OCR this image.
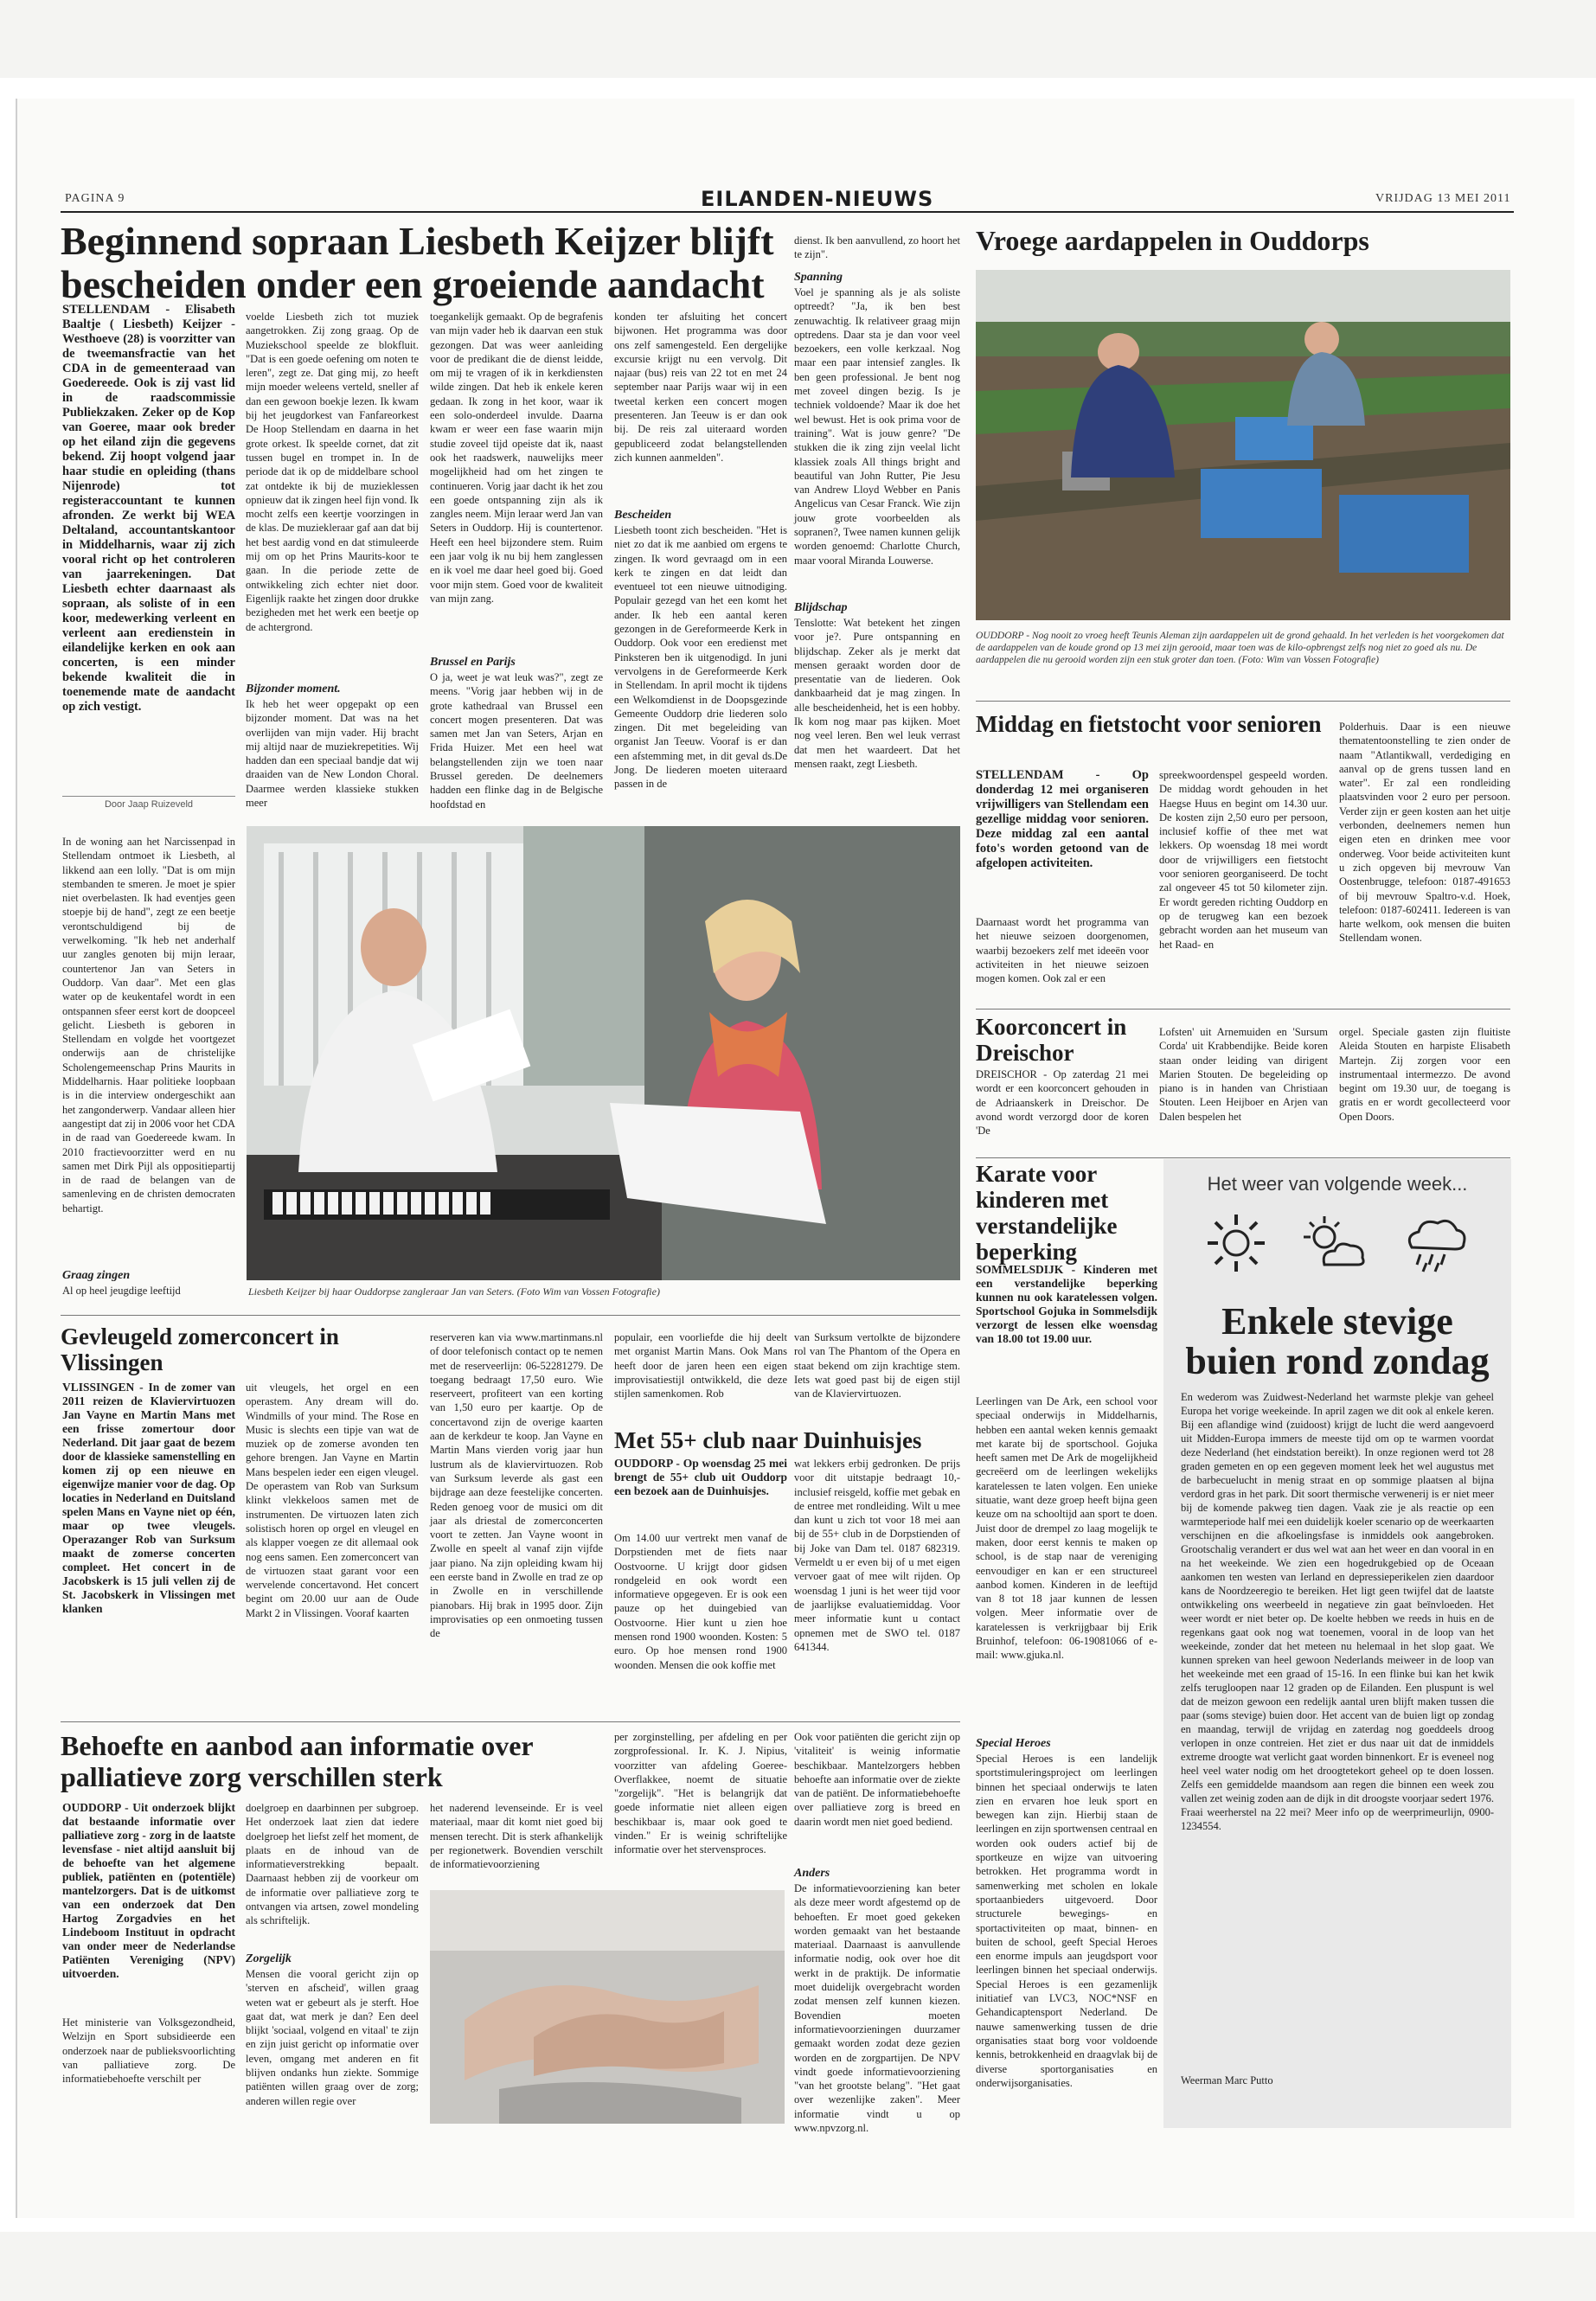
PAGINA 9	EILANDEN-NIEUWS	VRIJDAG 13 MEI 2011
Beginnend sopraan Liesbeth Keijzer blijft bescheiden onder een groeiende aandacht
STELLENDAM - Elisabeth Baaltje ( Liesbeth) Keijzer - Westhoeve (28) is voorzitter van de tweemansfractie van het CDA in de gemeenteraad van Goedereede. Ook is zij vast lid in de raadscommissie Publiekzaken. Zeker op de Kop van Goeree, maar ook breder op het eiland zijn die gegevens bekend. Zij hoopt volgend jaar haar studie en opleiding (thans Nijenrode) tot registeraccountant te kunnen afronden. Ze werkt bij WEA Deltaland, accountantskantoor in Middelharnis, waar zij zich vooral richt op het controleren van jaarrekeningen. Dat Liesbeth echter daarnaast als sopraan, als soliste of in een koor, medewerking verleent en verleent aan eredienstein in eilandelijke kerken en ook aan concerten, is een minder bekende kwaliteit die in toenemende mate de aandacht op zich vestigt.
Door Jaap Ruizeveld
In de woning aan het Narcissenpad in Stellendam ontmoet ik Liesbeth, al likkend aan een lolly. "Dat is om mijn stembanden te smeren. Je moet je spier niet overbelasten. Ik had eventjes geen stoepje bij de hand", zegt ze een beetje verontschuldigend bij de verwelkoming. "Ik heb net anderhalf uur zangles genoten bij mijn leraar, countertenor Jan van Seters in Ouddorp. Van daar". Met een glas water op de keukentafel wordt in een ontspannen sfeer eerst kort de doopceel gelicht. Liesbeth is geboren in Stellendam en volgde het voortgezet onderwijs aan de christelijke Scholengemeenschap Prins Maurits in Middelharnis. Haar politieke loopbaan is in die interview ondergeschikt aan het zangonderwerp. Vandaar alleen hier aangestipt dat zij in 2006 voor het CDA in de raad van Goedereede kwam. In 2010 fractievoorzitter werd en nu samen met Dirk Pijl als oppositiepartij in de raad de belangen van de samenleving en de christen democraten behartigt.
Graag zingen
Al op heel jeugdige leeftijd
voelde Liesbeth zich tot muziek aangetrokken. Zij zong graag. Op de Muziekschool speelde ze blokfluit. "Dat is een goede oefening om noten te leren", zegt ze. Dat ging mij, zo heeft mijn moeder weleens verteld, sneller af dan een gewoon boekje lezen. Ik kwam bij het jeugdorkest van Fanfareorkest De Hoop Stellendam en daarna in het grote orkest. Ik speelde cornet, dat zit tussen bugel en trompet in. In de periode dat ik op de middelbare school zat ontdekte ik bij de muzieklessen opnieuw dat ik zingen heel fijn vond. Ik mocht zelfs een keertje voorzingen in de klas. De muziekleraar gaf aan dat bij het best aardig vond en dat stimuleerde mij om op het Prins Maurits-koor te gaan. In die periode zette de ontwikkeling zich echter niet door. Eigenlijk raakte het zingen door drukke bezigheden met het werk een beetje op de achtergrond.
Bijzonder moment.
Ik heb het weer opgepakt op een bijzonder moment. Dat was na het overlijden van mijn vader. Hij bracht mij altijd naar de muziekrepetities. Wij hadden dan een speciaal bandje dat wij draaiden van de New London Choral. Daarmee werden klassieke stukken meer
toegankelijk gemaakt. Op de begrafenis van mijn vader heb ik daarvan een stuk gezongen. Dat was weer aanleiding voor de predikant die de dienst leidde, om mij te vragen of ik in kerkdiensten wilde zingen. Dat heb ik enkele keren gedaan. Ik zong in het koor, waar ik een solo-onderdeel invulde. Daarna kwam er weer een fase waarin mijn studie zoveel tijd opeiste dat ik, naast ook het raadswerk, nauwelijks meer mogelijkheid had om het zingen te continueren. Vorig jaar dacht ik het zou een goede ontspanning zijn als ik zangles neem. Mijn leraar werd Jan van Seters in Ouddorp. Hij is countertenor. Heeft een heel bijzondere stem. Ruim een jaar volg ik nu bij hem zanglessen en ik voel me daar heel goed bij. Goed voor mijn stem. Goed voor de kwaliteit van mijn zang.
Brussel en Parijs
O ja, weet je wat leuk was?", zegt ze meens. "Vorig jaar hebben wij in de grote kathedraal van Brussel een concert mogen presenteren. Dat was samen met Jan van Seters, Arjan en Frida Huizer. Met een heel wat belangstellenden zijn we toen naar Brussel gereden. De deelnemers hadden een flinke dag in de Belgische hoofdstad en
konden ter afsluiting het concert bijwonen. Het programma was door ons zelf samengesteld. Een dergelijke excursie krijgt nu een vervolg. Dit najaar (bus) reis van 22 tot en met 24 september naar Parijs waar wij in een tweetal kerken een concert mogen presenteren. Jan Teeuw is er dan ook bij. De reis zal uiteraard worden gepubliceerd zodat belangstellenden zich kunnen aanmelden".
Bescheiden
Liesbeth toont zich bescheiden. "Het is niet zo dat ik me aanbied om ergens te zingen. Ik word gevraagd om in een kerk te zingen en dat leidt dan eventueel tot een nieuwe uitnodiging. Populair gezegd van het een komt het ander. Ik heb een aantal keren gezongen in de Gereformeerde Kerk in Ouddorp. Ook voor een eredienst met Pinksteren ben ik uitgenodigd. In juni vervolgens in de Gereformeerde Kerk in Stellendam. In april mocht ik tijdens een Welkomdienst in de Doopsgezinde Gemeente Ouddorp drie liederen solo zingen. Dit met begeleiding van organist Jan Teeuw. Vooraf is er dan een afstemming met, in dit geval ds.De Jong. De liederen moeten uiteraard passen in de
dienst. Ik ben aanvullend, zo hoort het te zijn".
Spanning
Voel je spanning als je als soliste optreedt? "Ja, ik ben best zenuwachtig. Ik relativeer graag mijn optredens. Daar sta je dan voor veel bezoekers, een volle kerkzaal. Nog maar een paar intensief zangles. Ik ben geen professional. Je bent nog met zoveel dingen bezig. Is je techniek voldoende? Maar ik doe het wel bewust. Het is ook prima voor de training". Wat is jouw genre? "De stukken die ik zing zijn veelal licht klassiek zoals All things bright and beautiful van John Rutter, Pie Jesu van Andrew Lloyd Webber en Panis Angelicus van Cesar Franck. Wie zijn jouw grote voorbeelden als sopranen?, Twee namen kunnen gelijk worden genoemd: Charlotte Church, maar vooral Miranda Louwerse.
Blijdschap
Tenslotte: Wat betekent het zingen voor je?. Pure ontspanning en blijdschap. Zeker als je merkt dat mensen geraakt worden door de presentatie van de liederen. Ook dankbaarheid dat je mag zingen. In alle bescheidenheid, het is een hobby. Ik kom nog maar pas kijken. Moet nog veel leren. Ben wel leuk verrast dat men het waardeert. Dat het mensen raakt, zegt Liesbeth.
Liesbeth Keijzer bij haar Ouddorpse zangleraar Jan van Seters. (Foto Wim van Vossen Fotografie)
Vroege aardappelen in Ouddorps
OUDDORP - Nog nooit zo vroeg heeft Teunis Aleman zijn aardappelen uit de grond gehaald. In het verleden is het voorgekomen dat de aardappelen van de koude grond op 13 mei zijn gerooid, maar toen was de kilo-opbrengst zelfs nog niet zo goed als nu. De aardappelen die nu gerooid worden zijn een stuk groter dan toen. (Foto: Wim van Vossen Fotografie)
Middag en fietstocht voor senioren
STELLENDAM - Op donderdag 12 mei organiseren vrijwilligers van Stellendam een gezellige middag voor senioren. Deze middag zal een aantal foto's worden getoond van de afgelopen activiteiten.
Daarnaast wordt het programma van het nieuwe seizoen doorgenomen, waarbij bezoekers zelf met ideeën voor activiteiten in het nieuwe seizoen mogen komen. Ook zal er een
spreekwoordenspel gespeeld worden. De middag wordt gehouden in het Haegse Huus en begint om 14.30 uur. De kosten zijn 2,50 euro per persoon, inclusief koffie of thee met wat lekkers. Op woensdag 18 mei wordt door de vrijwilligers een fietstocht voor senioren georganiseerd. De tocht zal ongeveer 45 tot 50 kilometer zijn. Er wordt gereden richting Ouddorp en op de terugweg kan een bezoek gebracht worden aan het museum van het Raad- en
Polderhuis. Daar is een nieuwe thematentoonstelling te zien onder de naam "Atlantikwall, verdediging en aanval op de grens tussen land en water". Er zal een rondleiding plaatsvinden voor 2 euro per persoon. Verder zijn er geen kosten aan het uitje verbonden, deelnemers nemen hun eigen eten en drinken mee voor onderweg. Voor beide activiteiten kunt u zich opgeven bij mevrouw Van Oostenbrugge, telefoon: 0187-491653 of bij mevrouw Spaltro-v.d. Hoek, telefoon: 0187-602411. Iedereen is van harte welkom, ook mensen die buiten Stellendam wonen.
Koorconcert in Dreischor
DREISCHOR - Op zaterdag 21 mei wordt er een koorconcert gehouden in de Adriaanskerk in Dreischor. De avond wordt verzorgd door de koren 'De
Lofsten' uit Arnemuiden en 'Sursum Corda' uit Krabbendijke. Beide koren staan onder leiding van dirigent Marien Stouten. De begeleiding op piano is in handen van Christiaan Stouten. Leen Heijboer en Arjen van Dalen bespelen het
orgel. Speciale gasten zijn fluitiste Aleida Stouten en harpiste Elisabeth Martejn. Zij zorgen voor een instrumentaal intermezzo. De avond begint om 19.30 uur, de toegang is gratis en er wordt gecollecteerd voor Open Doors.
Karate voor kinderen met verstandelijke beperking
SOMMELSDIJK - Kinderen met een verstandelijke beperking kunnen nu ook karatelessen volgen. Sportschool Gojuka in Sommelsdijk verzorgt de lessen elke woensdag van 18.00 tot 19.00 uur.
Leerlingen van De Ark, een school voor speciaal onderwijs in Middelharnis, hebben een aantal weken kennis gemaakt met karate bij de sportschool. Gojuka heeft samen met De Ark de mogelijkheid gecreëerd om de leerlingen wekelijks karatelessen te laten volgen. Een unieke situatie, want deze groep heeft bijna geen keuze om na schooltijd aan sport te doen. Juist door de drempel zo laag mogelijk te maken, door eerst kennis te maken op school, is de stap naar de vereniging eenvoudiger en kan er een structureel aanbod komen. Kinderen in de leeftijd van 8 tot 18 jaar kunnen de lessen volgen. Meer informatie over de karatelessen is verkrijgbaar bij Erik Bruinhof, telefoon: 06-19081066 of e-mail: www.gjuka.nl.
Special Heroes
Special Heroes is een landelijk sportstimuleringsproject om leerlingen binnen het speciaal onderwijs te laten zien en ervaren hoe leuk sport en bewegen kan zijn. Hierbij staan de leerlingen en zijn sportwensen centraal en worden ook ouders actief bij de sportkeuze en wijze van uitvoering betrokken. Het programma wordt in samenwerking met scholen en lokale sportaanbieders uitgevoerd. Door structurele bewegings- en sportactiviteiten op maat, binnen- en buiten de school, geeft Special Heroes een enorme impuls aan jeugdsport voor leerlingen binnen het speciaal onderwijs. Special Heroes is een gezamenlijk initiatief van LVC3, NOC*NSF en Gehandicaptensport Nederland. De nauwe samenwerking tussen de drie organisaties staat borg voor voldoende kennis, betrokkenheid en draagvlak bij de diverse sportorganisaties en onderwijsorganisaties.
Het weer van volgende week...
Enkele stevige buien rond zondag
En wederom was Zuidwest-Nederland het warmste plekje van geheel Europa het vorige weekeinde. In april zagen we dit ook al enkele keren. Bij een aflandige wind (zuidoost) krijgt de lucht die werd aangevoerd uit Midden-Europa immers de meeste tijd om op te warmen voordat deze Nederland (het eindstation bereikt). In onze regionen werd tot 28 graden gemeten en op een gegeven moment leek het wel augustus met de barbecuelucht in menig straat en op sommige plaatsen al bijna verdord gras in het park. Dit soort thermische verwenerij is er niet meer bij de komende pakweg tien dagen. Vaak zie je als reactie op een warmteperiode half mei een duidelijk koeler scenario op de weerkaarten verschijnen en die afkoelingsfase is inmiddels ook aangebroken. Grootschalig verandert er dus wel wat aan het weer en dan vooral in en na het weekeinde. We zien een hogedrukgebied op de Oceaan aankomen ten westen van Ierland en depressieperikelen zien daardoor kans de Noordzeeregio te bereiken. Het ligt geen twijfel dat de laatste ontwikkeling ons weerbeeld in negatieve zin gaat beïnvloeden. Het weer wordt er niet beter op. De koelte hebben we reeds in huis en de regenkans gaat ook nog wat toenemen, vooral in de loop van het weekeinde, zonder dat het meteen nu helemaal in het slop gaat. We kunnen spreken van heel gewoon Nederlands meiweer in de loop van het weekeinde met een graad of 15-16. In een flinke bui kan het kwik zelfs terugloopen naar 12 graden op de Eilanden. Een pluspunt is wel dat de meizon gewoon een redelijk aantal uren blijft maken tussen die paar (soms stevige) buien door. Het accent van de buien ligt op zondag en maandag, terwijl de vrijdag en zaterdag nog goeddeels droog verlopen in onze contreien. Het ziet er dus naar uit dat de inmiddels extreme droogte wat verlicht gaat worden binnenkort. Er is eveneel nog heel veel water nodig om het droogtetekort geheel op te doen lossen. Zelfs een gemiddelde maandsom aan regen die binnen een week zou vallen zet weinig zoden aan de dijk in dit droogste voorjaar sedert 1976. Fraai weerherstel na 22 mei? Meer info op de weerprimeurlijn, 0900-1234554.
Weerman Marc Putto
Gevleugeld zomerconcert in Vlissingen
VLISSINGEN - In de zomer van 2011 reizen de Klaviervirtuozen Jan Vayne en Martin Mans met een frisse zomertour door Nederland. Dit jaar gaat de bezem door de klassieke samenstelling en komen zij op een nieuwe en eigenwijze manier voor de dag. Op locaties in Nederland en Duitsland spelen Mans en Vayne niet op één, maar op twee vleugels. Operazanger Rob van Surksum maakt de zomerse concerten compleet. Het concert in de Jacobskerk is 15 juli vellen zij de St. Jacobskerk in Vlissingen met klanken
uit vleugels, het orgel en een operastem. Any dream will do. Windmills of your mind. The Rose en Music is slechts een tipje van wat de muziek op de zomerse avonden ten gehore brengen. Jan Vayne en Martin Mans bespelen ieder een eigen vleugel. De operastem van Rob van Surksum klinkt vlekkeloos samen met de instrumenten. De virtuozen laten zich solistisch horen op orgel en vleugel en als klapper voegen ze dit allemaal ook nog eens samen. Een zomerconcert van de virtuozen staat garant voor een wervelende concertavond. Het concert begint om 20.00 uur aan de Oude Markt 2 in Vlissingen. Vooraf kaarten
reserveren kan via www.martinmans.nl of door telefonisch contact op te nemen met de reserveerlijn: 06-52281279. De toegang bedraagt 17,50 euro. Wie reserveert, profiteert van een korting van 1,50 euro per kaartje. Op de concertavond zijn de overige kaarten aan de kerkdeur te koop. Jan Vayne en Martin Mans vierden vorig jaar hun lustrum als de klaviervirtuozen. Rob van Surksum leverde als gast een bijdrage aan deze feestelijke concerten. Reden genoeg voor de musici om dit jaar als driestal de zomerconcerten voort te zetten. Jan Vayne woont in Zwolle en speelt al vanaf zijn vijfde jaar piano. Na zijn opleiding kwam hij een eerste band in Zwolle en trad ze op in Zwolle en in verschillende pianobars. Hij brak in 1995 door. Zijn improvisaties op een onmoeting tussen de
populair, een voorliefde die hij deelt met organist Martin Mans. Ook Mans heeft door de jaren heen een eigen improvisatiestijl ontwikkeld, die deze stijlen samenkomen. Rob
van Surksum vertolkte de bijzondere rol van The Phantom of the Opera en staat bekend om zijn krachtige stem. Iets wat goed past bij de eigen stijl van de Klaviervirtuozen.
Met 55+ club naar Duinhuisjes
OUDDORP - Op woensdag 25 mei brengt de 55+ club uit Ouddorp een bezoek aan de Duinhuisjes.
Om 14.00 uur vertrekt men vanaf de Dorpstienden met de fiets naar Oostvoorne. U krijgt door gidsen rondgeleid en ook wordt een informatieve opgegeven. Er is ook een pauze op het duingebied van Oostvoorne. Hier kunt u zien hoe mensen rond 1900 woonden. Kosten: 5 euro. Op hoe mensen rond 1900 woonden. Mensen die ook koffie met
wat lekkers erbij gedronken. De prijs voor dit uitstapje bedraagt 10,- inclusief reisgeld, koffie met gebak en de entree met rondleiding. Wilt u mee dan kunt u zich tot voor 18 mei aan bij de 55+ club in de Dorpstienden of bij Joke van Dam tel. 0187 682319. Vermeldt u er even bij of u met eigen vervoer gaat of mee wilt rijden. Op woensdag 1 juni is het weer tijd voor de jaarlijkse evaluatiemiddag. Voor meer informatie kunt u contact opnemen met de SWO tel. 0187 641344.
Behoefte en aanbod aan informatie over palliatieve zorg verschillen sterk
OUDDORP - Uit onderzoek blijkt dat bestaande informatie over palliatieve zorg - zorg in de laatste levensfase - niet altijd aansluit bij de behoefte van het algemene publiek, patiënten en (potentiële) mantelzorgers. Dat is de uitkomst van een onderzoek dat Den Hartog Zorgadvies en het Lindeboom Instituut in opdracht van onder meer de Nederlandse Patiënten Vereniging (NPV) uitvoerden.
Het ministerie van Volksgezondheid, Welzijn en Sport subsidieerde een onderzoek naar de publieksvoorlichting van palliatieve zorg. De informatiebehoefte verschilt per
doelgroep en daarbinnen per subgroep. Het onderzoek laat zien dat iedere doelgroep het liefst zelf het moment, de plaats en de inhoud van de informatieverstrekking bepaalt. Daarnaast hebben zij de voorkeur om de informatie over palliatieve zorg te ontvangen via artsen, zowel mondeling als schriftelijk.
Zorgelijk
Mensen die vooral gericht zijn op 'sterven en afscheid', willen graag weten wat er gebeurt als je sterft. Hoe gaat dat, wat merk je dan? Een deel blijkt 'sociaal, volgend en vitaal' te zijn en zijn juist gericht op informatie over leven, omgang met anderen en fit blijven ondanks hun ziekte. Sommige patiënten willen graag over de zorg; anderen willen regie over
het naderend levenseinde. Er is veel materiaal, maar dit komt niet goed bij mensen terecht. Dit is sterk afhankelijk per regionetwerk. Bovendien verschilt de informatievoorziening
per zorginstelling, per afdeling en per zorgprofessional. Ir. K. J. Nipius, voorzitter van afdeling Goeree-Overflakkee, noemt de situatie "zorgelijk". "Het is belangrijk dat goede informatie niet alleen eigen beschikbaar is, maar ook goed te vinden." Er is weinig schriftelijke informatie over het stervensproces.
Ook voor patiënten die gericht zijn op 'vitaliteit' is weinig informatie beschikbaar. Mantelzorgers hebben behoefte aan informatie over de ziekte van de patiënt. De informatiebehoefte over palliatieve zorg is breed en daarin wordt men niet goed bediend.
Anders
De informatievoorziening kan beter als deze meer wordt afgestemd op de behoeften. Er moet goed gekeken worden gemaakt van het bestaande materiaal. Daarnaast is aanvullende informatie nodig, ook over hoe dit werkt in de praktijk. De informatie moet duidelijk overgebracht worden zodat mensen zelf kunnen kiezen. Bovendien moeten informatievoorzieningen duurzamer gemaakt worden zodat deze gezien worden en de zorgpartijen. De NPV vindt goede informatievoorziening "van het grootste belang". "Het gaat over wezenlijke zaken". Meer informatie vindt u op www.npvzorg.nl.
